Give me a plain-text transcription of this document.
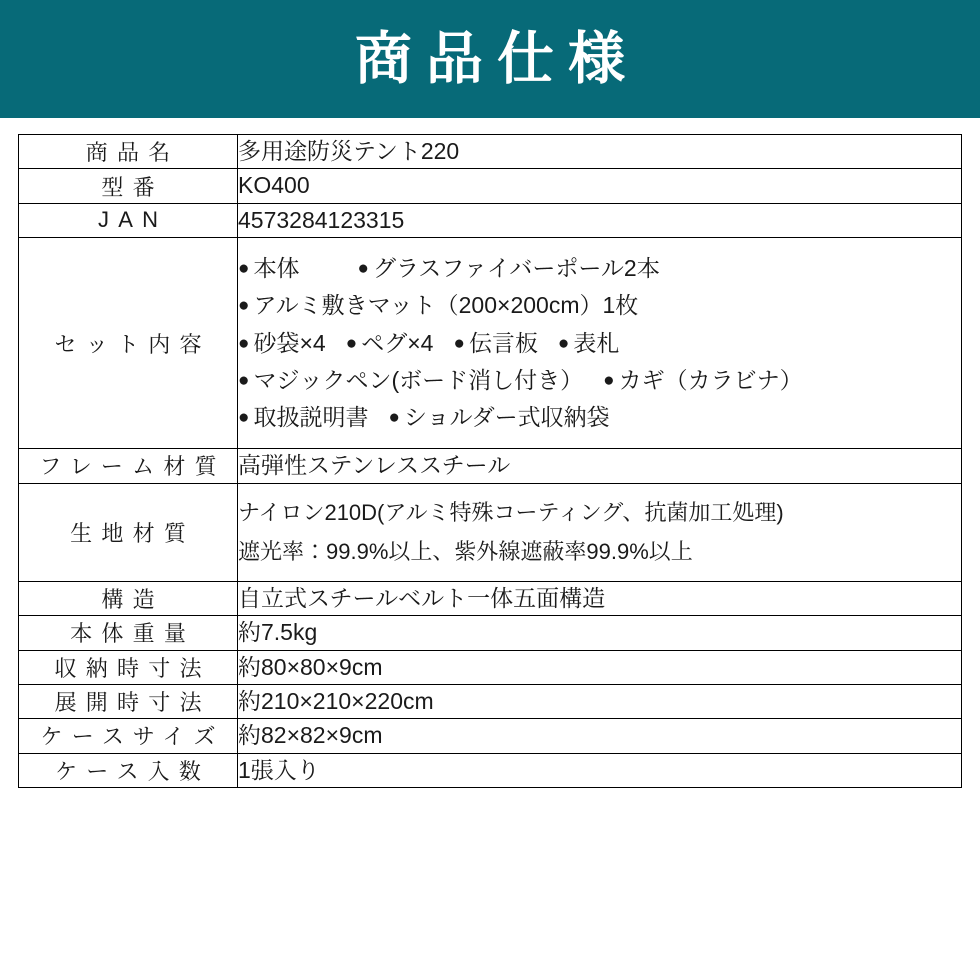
商品仕様
商品名	多用途防災テント220

型番	KO400

JAN	4573284123315

セット内容	● 本体 ● グラスファイバーポール2本
● アルミ敷きマット（200×200cm）1枚
● 砂袋×4 ● ペグ×4 ● 伝言板 ● 表札
● マジックペン(ボード消し付き） ● カギ（カラビナ）
● 取扱説明書 ● ショルダー式収納袋

フレーム材質	高弾性ステンレススチール

生地材質	ナイロン210D(アルミ特殊コーティング、抗菌加工処理)
遮光率：99.9%以上、紫外線遮蔽率99.9%以上

構造	自立式スチールベルト一体五面構造

本体重量	約7.5kg

収納時寸法	約80×80×9cm

展開時寸法	約210×210×220cm

ケースサイズ	約82×82×9cm

ケース入数	1張入り
